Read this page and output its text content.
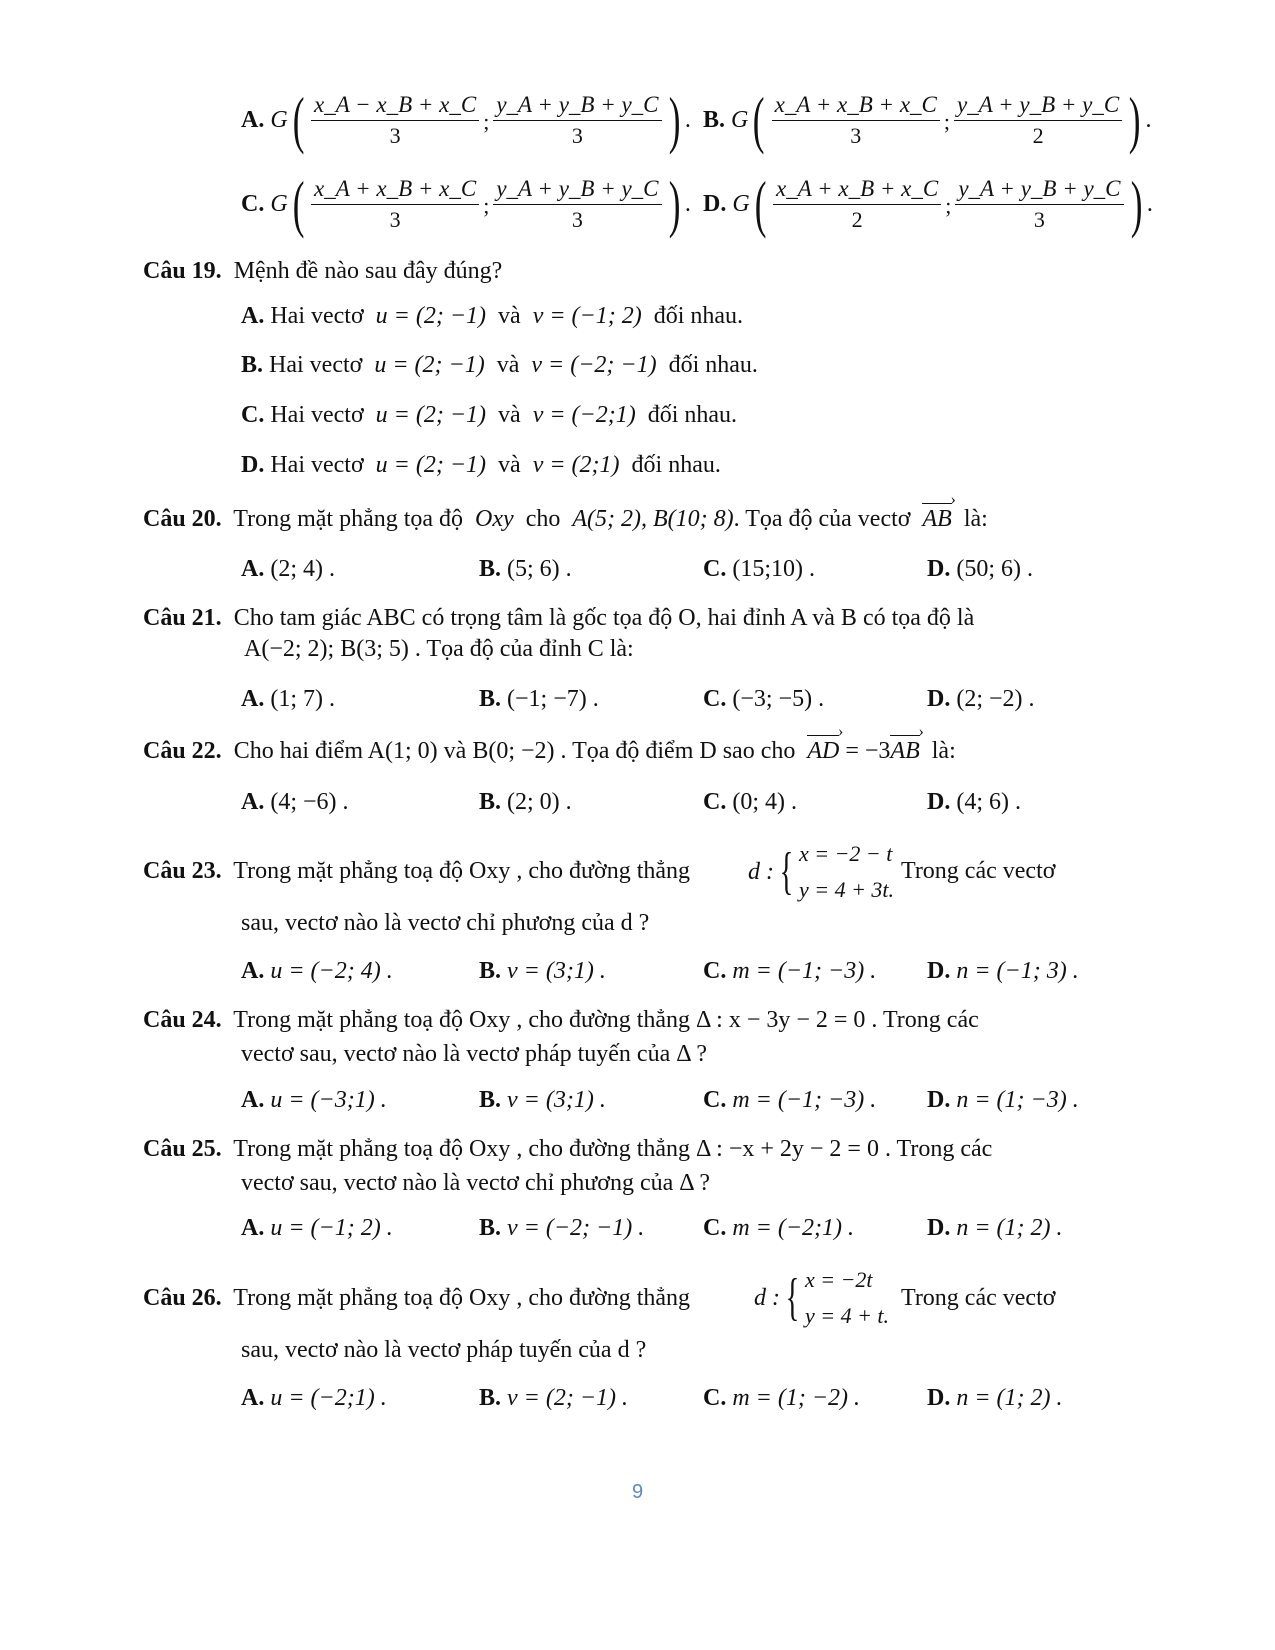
A.
G ( $\frac{x\_A - x\_B + x\_C}{3}$ ; $\frac{y\_A + y\_B + y\_C}{3}$ ) . B.
G ( $\frac{x\_A + x\_B + x\_C}{3}$ ; $\frac{y\_A + y\_B + y\_C}{2}$ ) .
C.
G ( $\frac{x\_A + x\_B + x\_C}{3}$ ; $\frac{y\_A + y\_B + y\_C}{3}$ ) . D.
G ( $\frac{x\_A + x\_B + x\_C}{2}$ ; $\frac{y\_A + y\_B + y\_C}{3}$ ) .
Câu 19. Mệnh đề nào sau đây đúng?
A. Hai vectơ u = (2; −1) và v = (−1; 2) đối nhau.
B. Hai vectơ u = (2; −1) và v = (−2; −1) đối nhau.
C. Hai vectơ u = (2; −1) và v = (−2;1) đối nhau.
D. Hai vectơ u = (2; −1) và v = (2;1) đối nhau.
Câu 20. Trong mặt phẳng tọa độ Oxy cho A(5; 2), B(10; 8). Tọa độ của vectơ AB › là:
A. (2; 4) .	B. (5; 6) .	C. (15;10) .	D. (50; 6) .
Câu 21. Cho tam giác ABC có trọng tâm là gốc tọa độ O, hai đỉnh A và B có tọa độ là
A(−2; 2); B(3; 5) . Tọa độ của đỉnh C là:
A. (1; 7) .	B. (−1; −7) .	C. (−3; −5) .	D. (2; −2) .
Câu 22. Cho hai điểm A(1; 0) và B(0; −2) . Tọa độ điểm D sao cho AD › = −3AB › là:
A. (4; −6) .	B. (2; 0) .	C. (0; 4) .	D. (4; 6) .
Câu 23. Trong mặt phẳng toạ độ Oxy , cho đường thẳng d : { x = −2 − t
y = 4 + 3t.
Trong các vectơ
sau, vectơ nào là vectơ chỉ phương của d ?
A. u = (−2; 4) .	B. v = (3;1) .	C. m = (−1; −3) . D. n = (−1; 3) .
Câu 24. Trong mặt phẳng toạ độ Oxy , cho đường thẳng Δ : x − 3y − 2 = 0 . Trong các
vectơ sau, vectơ nào là vectơ pháp tuyến của Δ ?
A. u = (−3;1) .	B. v = (3;1) .	C. m = (−1; −3) . D. n = (1; −3) .
Câu 25. Trong mặt phẳng toạ độ Oxy , cho đường thẳng Δ : −x + 2y − 2 = 0 . Trong các
vectơ sau, vectơ nào là vectơ chỉ phương của Δ ?
A. u = (−1; 2) .	B. v = (−2; −1) . C. m = (−2;1) .	D. n = (1; 2) .
Câu 26. Trong mặt phẳng toạ độ Oxy , cho đường thẳng	d : { x = −2t
y = 4 + t.
Trong các vectơ
sau, vectơ nào là vectơ pháp tuyến của d ?
A. u = (−2;1) .	B. v = (2; −1) .	C. m = (1; −2) .	D. n = (1; 2) .
9
